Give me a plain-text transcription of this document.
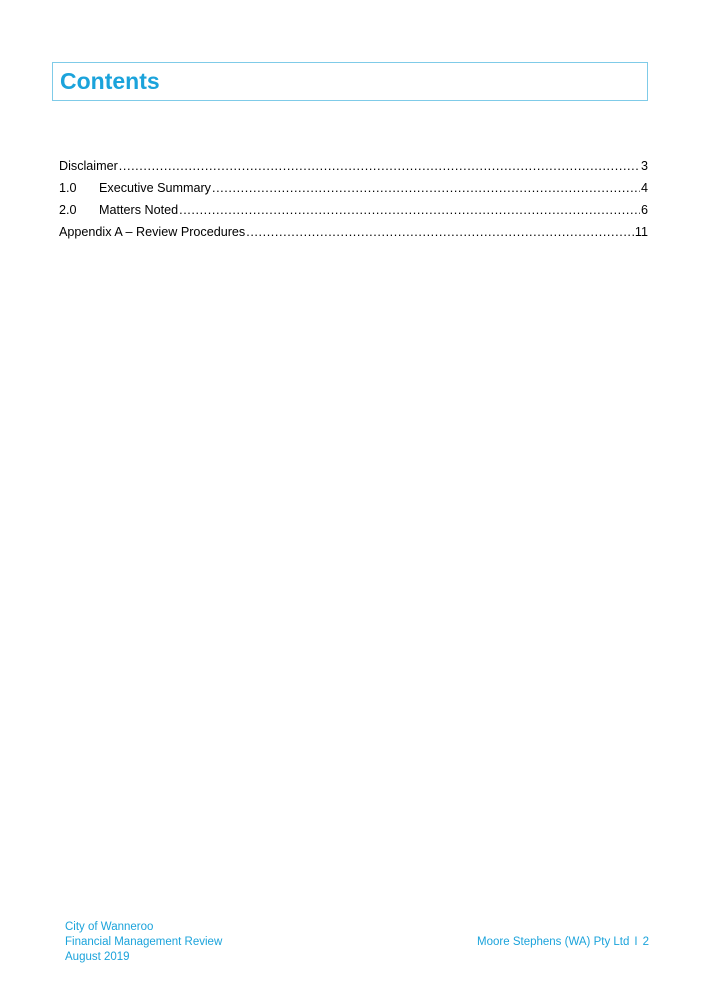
Contents
Disclaimer .....	3
1.0	Executive Summary .....	4
2.0	Matters Noted .....	6
Appendix A – Review Procedures .....	11
City of Wanneroo
Financial Management Review
August 2019
Moore Stephens (WA) Pty Ltd I 2
